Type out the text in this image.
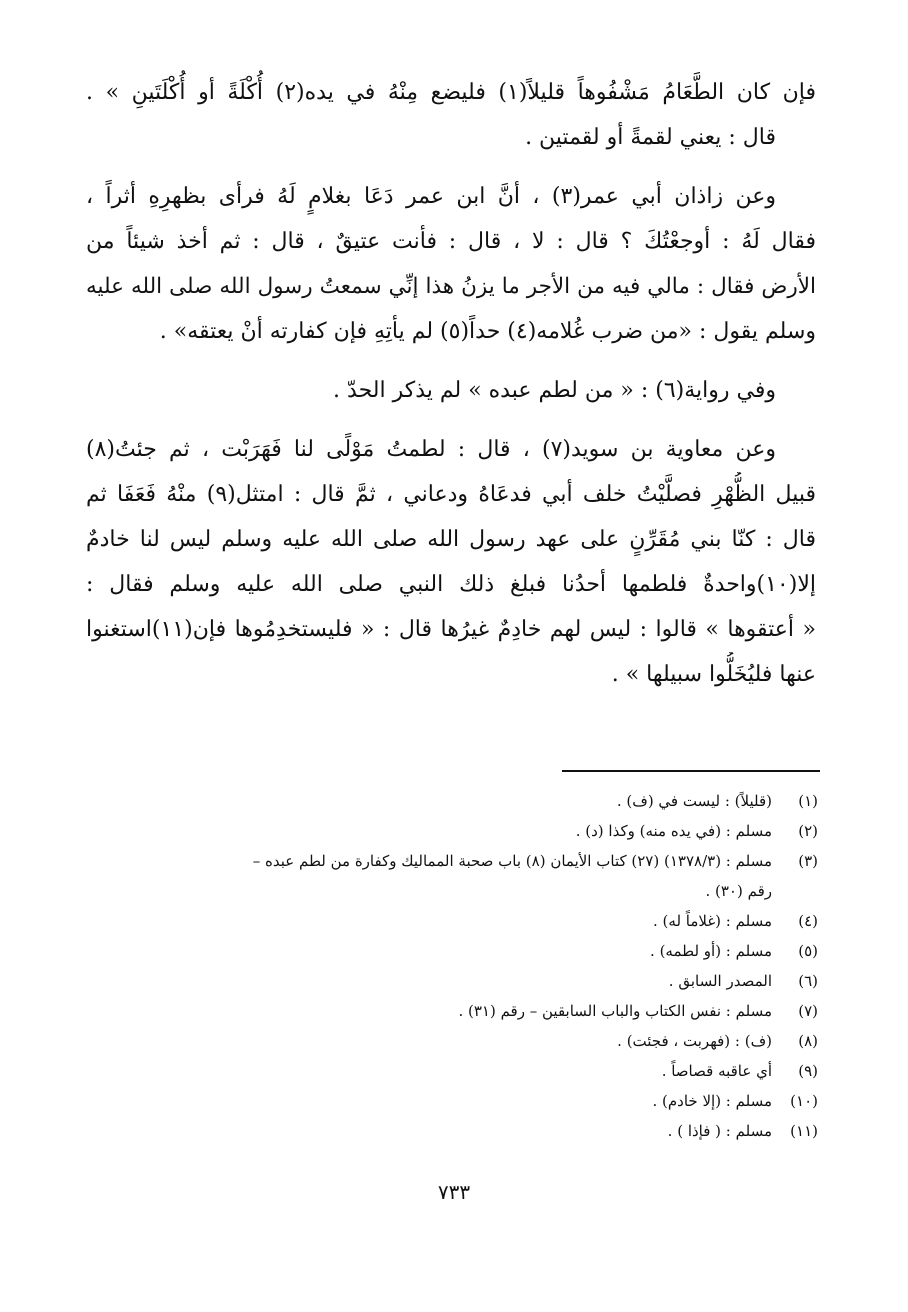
فإن كان الطَّعَامُ مَشْفُوهاً قليلاً(١) فليضع مِنْهُ في يده(٢) أُكْلَةً أو أُكْلَتَينِ » .
قال : يعني لقمةً أو لقمتين .
وعن زاذان أبي عمر(٣) ، أنَّ ابن عمر دَعَا بغلامٍ لَهُ فرأى بظهرِهِ أثراً ،
فقال لَهُ : أوجعْتُكَ ؟ قال : لا ، قال : فأنت عتيقٌ ، قال : ثم أخذ شيئاً من
الأرض فقال : مالي فيه من الأجر ما يزنُ هذا إنِّي سمعتُ رسول الله صلى الله عليه
وسلم يقول : «من ضرب غُلامه(٤) حداً(٥) لم يأتِهِ فإن كفارته أنْ يعتقه» .
وفي رواية(٦) : « من لطم عبده » لم يذكر الحدّ .
وعن معاوية بن سويد(٧) ، قال : لطمتُ مَوْلًى لنا فَهَرَبْت ، ثم جئتُ(٨)
قبيل الظُّهْرِ فصلَّيْتُ خلف أبي فدعَاهُ ودعاني ، ثمَّ قال : امتثل(٩) منْهُ فَعَفَا ثم
قال : كنّا بني مُقَرِّنٍ على عهد رسول الله صلى الله عليه وسلم ليس لنا خادمٌ
إلا(١٠)واحدةٌ فلطمها أحدُنا فبلغ ذلك النبي صلى الله عليه وسلم فقال :
« أعتقوها » قالوا : ليس لهم خادِمٌ غيرُها قال : « فليستخدِمُوها فإن(١١)استغنوا
عنها فليُخَلُّوا سبيلها » .
(١)
(قليلاً) : ليست في (ف) .
(٢)
مسلم : (في يده منه) وكذا (د) .
(٣)
مسلم : (١٣٧٨/٣) (٢٧) كتاب الأيمان (٨) باب صحبة المماليك وكفارة من لطم عبده –
رقم (٣٠) .
(٤)
مسلم : (غلاماً له) .
(٥)
مسلم : (أو لطمه) .
(٦)
المصدر السابق .
(٧)
مسلم : نفس الكتاب والباب السابقين – رقم (٣١) .
(٨)
(ف) : (فهربت ، فجئت) .
(٩)
أي عاقبه قصاصاً .
(١٠)
مسلم : (إلا خادم) .
(١١)
مسلم : ( فإذا ) .
٧٣٣
